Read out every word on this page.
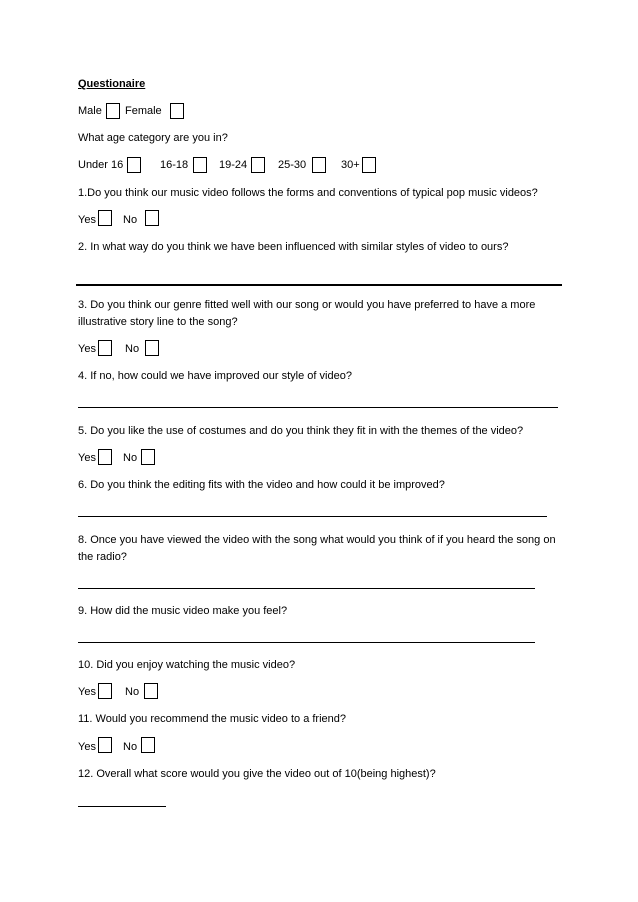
Questionaire
Male Female
What age category are you in?
Under 16	16-18	19-24	25-30	30+
1.Do you think our music video follows the forms and conventions of typical pop music videos?
Yes No
2. In what way do you think we have been influenced with similar styles of video to ours?
3. Do you think our genre fitted well with our song or would you have preferred to have a more
illustrative story line to the song?
Yes	No
4. If no, how could we have improved our style of video?
5. Do you like the use of costumes and do you think they fit in with the themes of the video?
Yes No
6. Do you think the editing fits with the video and how could it be improved?
8. Once you have viewed the video with the song what would you think of if you heard the song on
the radio?
9. How did the music video make you feel?
10. Did you enjoy watching the music video?
Yes	No
11. Would you recommend the music video to a friend?
Yes No
12. Overall what score would you give the video out of 10(being highest)?
